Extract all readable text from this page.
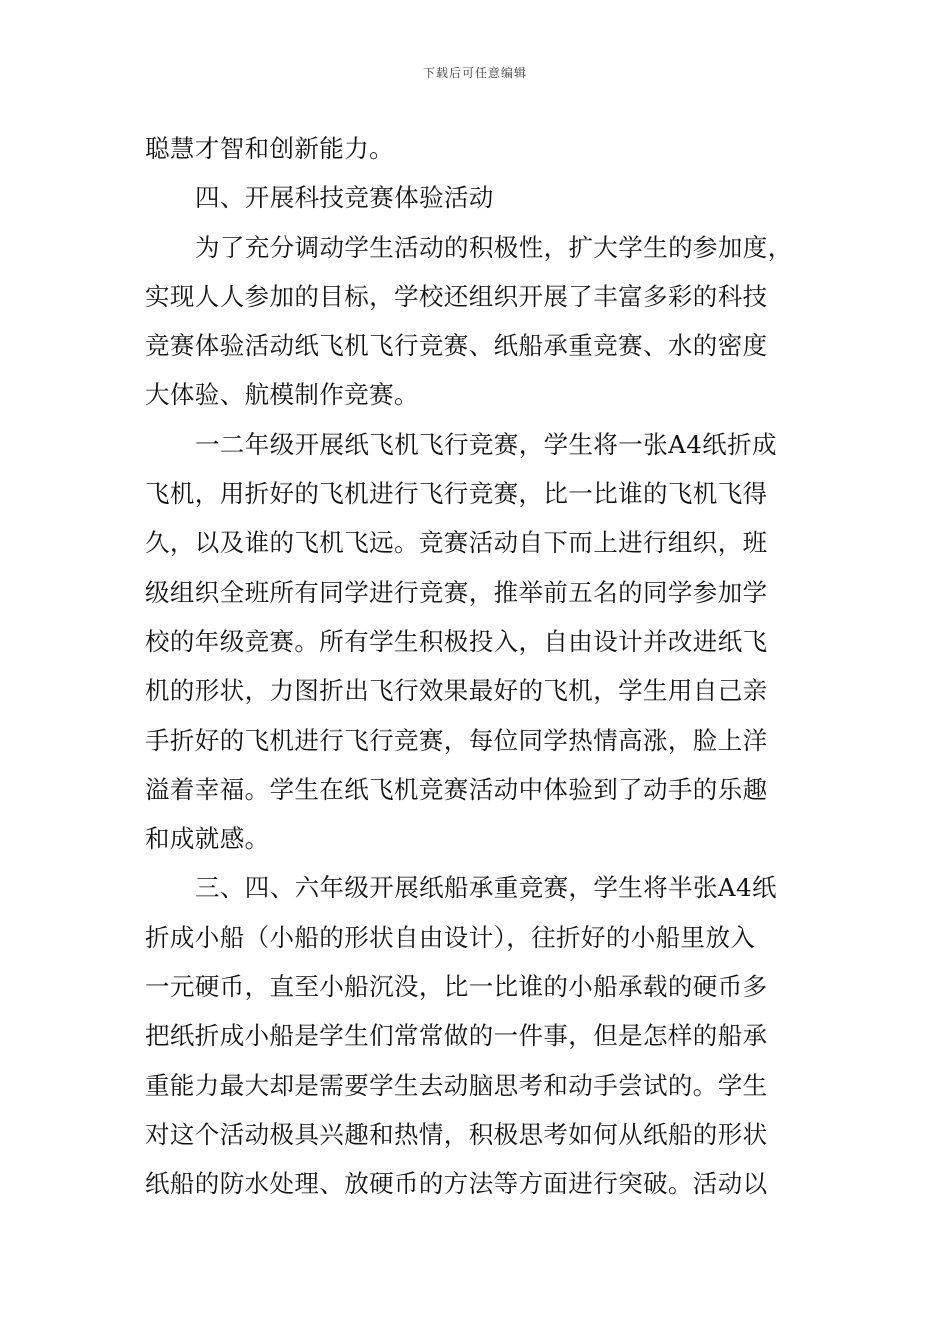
下载后可任意编辑
聪慧才智和创新能力。
四、开展科技竞赛体验活动
为了充分调动学生活动的积极性，扩大学生的参加度，
实现人人参加的目标，学校还组织开展了丰富多彩的科技
竞赛体验活动纸飞机飞行竞赛、纸船承重竞赛、水的密度
大体验、航模制作竞赛。
一二年级开展纸飞机飞行竞赛，学生将一张A4纸折成
飞机，用折好的飞机进行飞行竞赛，比一比谁的飞机飞得
久，以及谁的飞机飞远。竞赛活动自下而上进行组织，班
级组织全班所有同学进行竞赛，推举前五名的同学参加学
校的年级竞赛。所有学生积极投入，自由设计并改进纸飞
机的形状，力图折出飞行效果最好的飞机，学生用自己亲
手折好的飞机进行飞行竞赛，每位同学热情高涨，脸上洋
溢着幸福。学生在纸飞机竞赛活动中体验到了动手的乐趣
和成就感。
三、四、六年级开展纸船承重竞赛，学生将半张A4纸
折成小船（小船的形状自由设计），往折好的小船里放入
一元硬币，直至小船沉没，比一比谁的小船承载的硬币多
把纸折成小船是学生们常常做的一件事，但是怎样的船承
重能力最大却是需要学生去动脑思考和动手尝试的。学生
对这个活动极具兴趣和热情，积极思考如何从纸船的形状
纸船的防水处理、放硬币的方法等方面进行突破。活动以
